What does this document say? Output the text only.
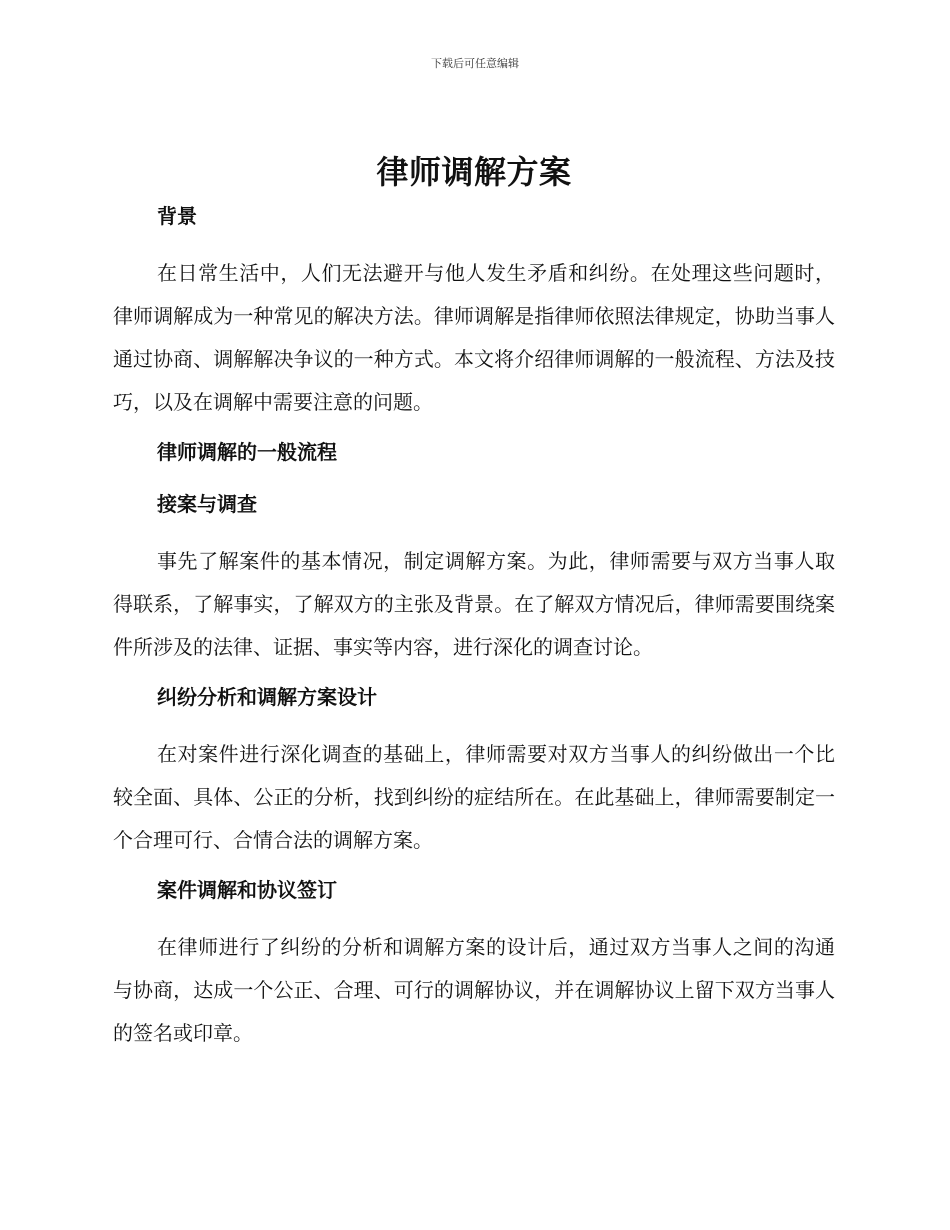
下载后可任意编辑
律师调解方案
背景

在日常生活中，人们无法避开与他人发生矛盾和纠纷。在处理这些问题时，律师调解成为一种常见的解决方法。律师调解是指律师依照法律规定，协助当事人通过协商、调解解决争议的一种方式。本文将介绍律师调解的一般流程、方法及技巧，以及在调解中需要注意的问题。

律师调解的一般流程
接案与调查

事先了解案件的基本情况，制定调解方案。为此，律师需要与双方当事人取得联系，了解事实，了解双方的主张及背景。在了解双方情况后，律师需要围绕案件所涉及的法律、证据、事实等内容，进行深化的调查讨论。

纠纷分析和调解方案设计

在对案件进行深化调查的基础上，律师需要对双方当事人的纠纷做出一个比较全面、具体、公正的分析，找到纠纷的症结所在。在此基础上，律师需要制定一个合理可行、合情合法的调解方案。

案件调解和协议签订

在律师进行了纠纷的分析和调解方案的设计后，通过双方当事人之间的沟通与协商，达成一个公正、合理、可行的调解协议，并在调解协议上留下双方当事人的签名或印章。
